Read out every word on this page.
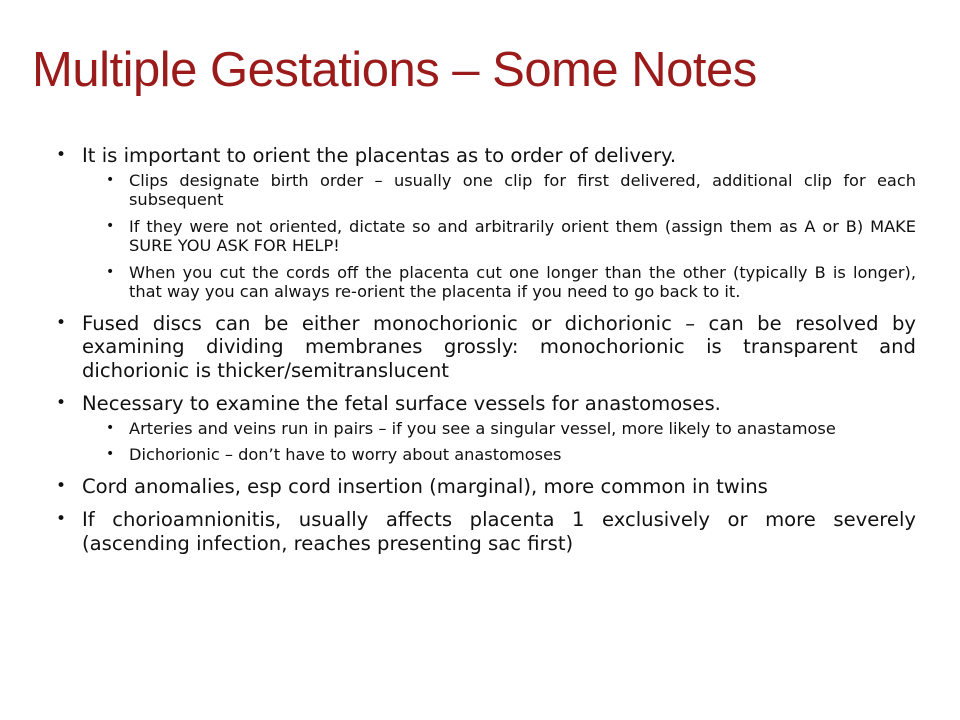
Multiple Gestations – Some Notes
• It is important to orient the placentas as to order of delivery.
• Clips designate birth order – usually one clip for first delivered, additional clip for each subsequent
• If they were not oriented, dictate so and arbitrarily orient them (assign them as A or B) MAKE SURE YOU ASK FOR HELP!
• When you cut the cords off the placenta cut one longer than the other (typically B is longer), that way you can always re-orient the placenta if you need to go back to it.
• Fused discs can be either monochorionic or dichorionic – can be resolved by examining dividing membranes grossly: monochorionic is transparent and dichorionic is thicker/semitranslucent
• Necessary to examine the fetal surface vessels for anastomoses.
• Arteries and veins run in pairs – if you see a singular vessel, more likely to anastamose
• Dichorionic – don’t have to worry about anastomoses
• Cord anomalies, esp cord insertion (marginal), more common in twins
• If chorioamnionitis, usually affects placenta 1 exclusively or more severely (ascending infection, reaches presenting sac first)
